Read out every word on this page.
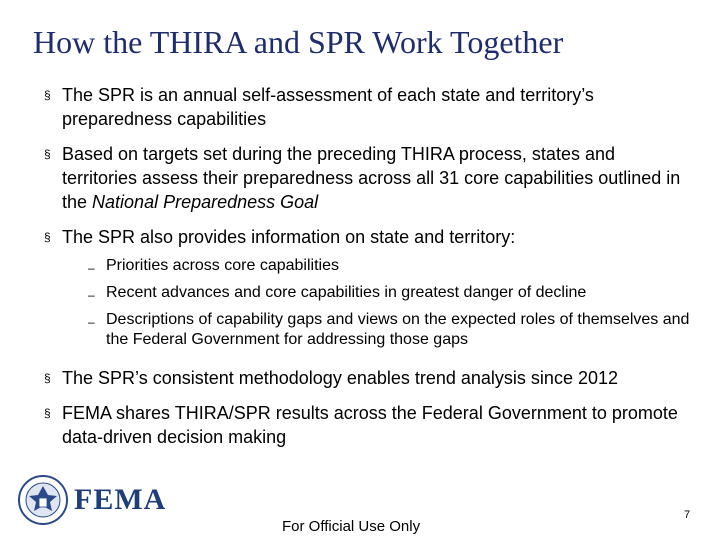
How the THIRA and SPR Work Together
§ The SPR is an annual self-assessment of each state and territory’s preparedness capabilities
§ Based on targets set during the preceding THIRA process, states and territories assess their preparedness across all 31 core capabilities outlined in the National Preparedness Goal
§ The SPR also provides information on state and territory:
– Priorities across core capabilities
– Recent advances and core capabilities in greatest danger of decline
– Descriptions of capability gaps and views on the expected roles of themselves and the Federal Government for addressing those gaps
§ The SPR’s consistent methodology enables trend analysis since 2012
§ FEMA shares THIRA/SPR results across the Federal Government to promote data-driven decision making
FEMA
For Official Use Only
7
